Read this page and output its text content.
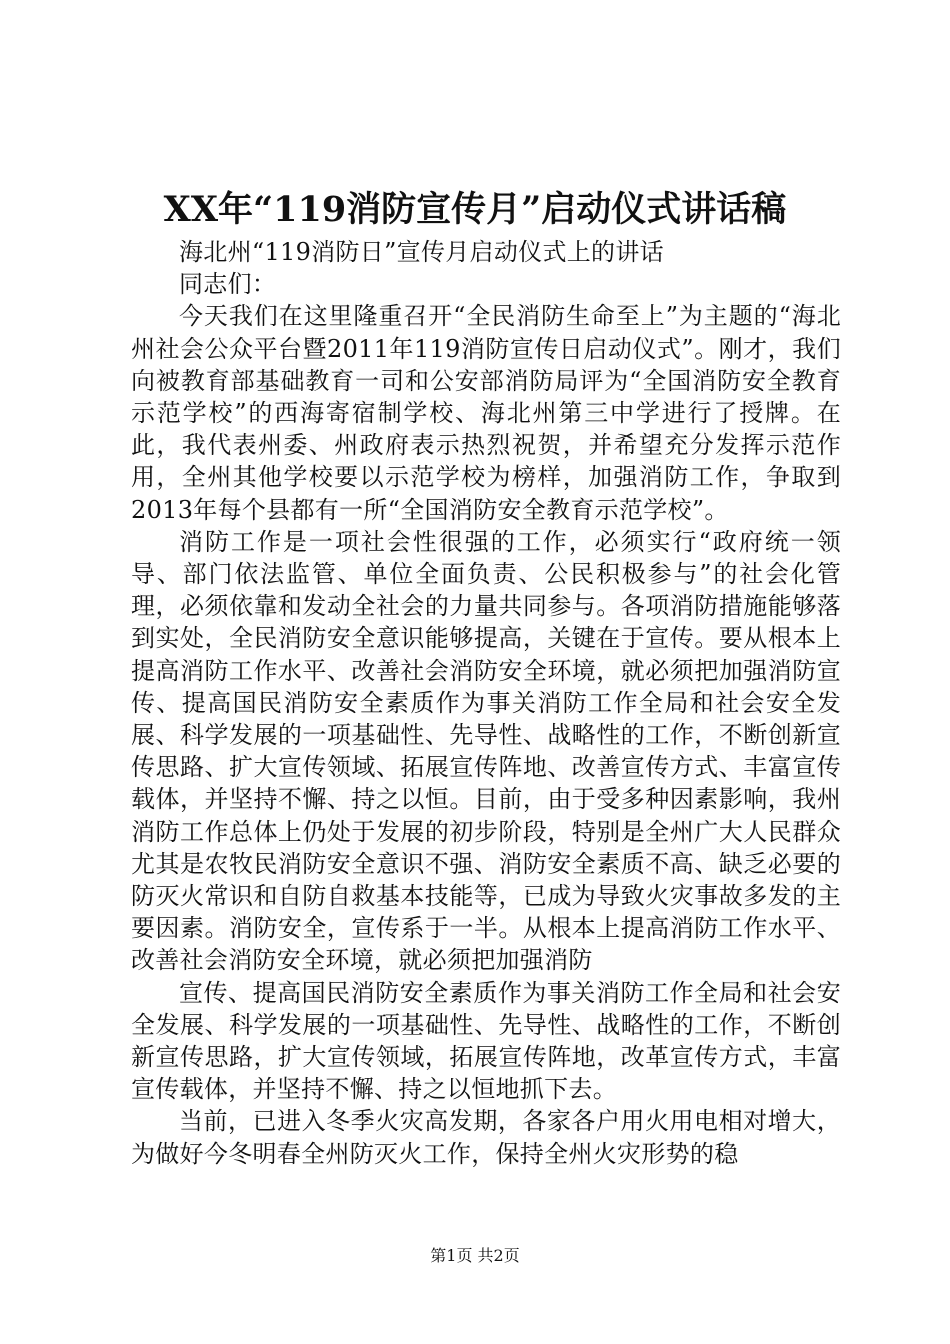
XX年“119消防宣传月”启动仪式讲话稿

海北州“119消防日”宣传月启动仪式上的讲话

同志们：

今天我们在这里隆重召开“全民消防生命至上”为主题的“海北州社会公众平台暨2011年119消防宣传日启动仪式”。刚才，我们向被教育部基础教育一司和公安部消防局评为“全国消防安全教育示范学校”的西海寄宿制学校、海北州第三中学进行了授牌。在此，我代表州委、州政府表示热烈祝贺，并希望充分发挥示范作用，全州其他学校要以示范学校为榜样，加强消防工作，争取到2013年每个县都有一所“全国消防安全教育示范学校”。

消防工作是一项社会性很强的工作，必须实行“政府统一领导、部门依法监管、单位全面负责、公民积极参与”的社会化管理，必须依靠和发动全社会的力量共同参与。各项消防措施能够落到实处，全民消防安全意识能够提高，关键在于宣传。要从根本上提高消防工作水平、改善社会消防安全环境，就必须把加强消防宣传、提高国民消防安全素质作为事关消防工作全局和社会安全发展、科学发展的一项基础性、先导性、战略性的工作，不断创新宣传思路、扩大宣传领域、拓展宣传阵地、改善宣传方式、丰富宣传载体，并坚持不懈、持之以恒。目前，由于受多种因素影响，我州消防工作总体上仍处于发展的初步阶段，特别是全州广大人民群众尤其是农牧民消防安全意识不强、消防安全素质不高、缺乏必要的防灭火常识和自防自救基本技能等，已成为导致火灾事故多发的主要因素。消防安全，宣传系于一半。从根本上提高消防工作水平、改善社会消防安全环境，就必须把加强消防

宣传、提高国民消防安全素质作为事关消防工作全局和社会安全发展、科学发展的一项基础性、先导性、战略性的工作，不断创新宣传思路，扩大宣传领域，拓展宣传阵地，改革宣传方式，丰富宣传载体，并坚持不懈、持之以恒地抓下去。

当前，已进入冬季火灾高发期，各家各户用火用电相对增大，为做好今冬明春全州防灭火工作，保持全州火灾形势的稳

第1页 共2页
